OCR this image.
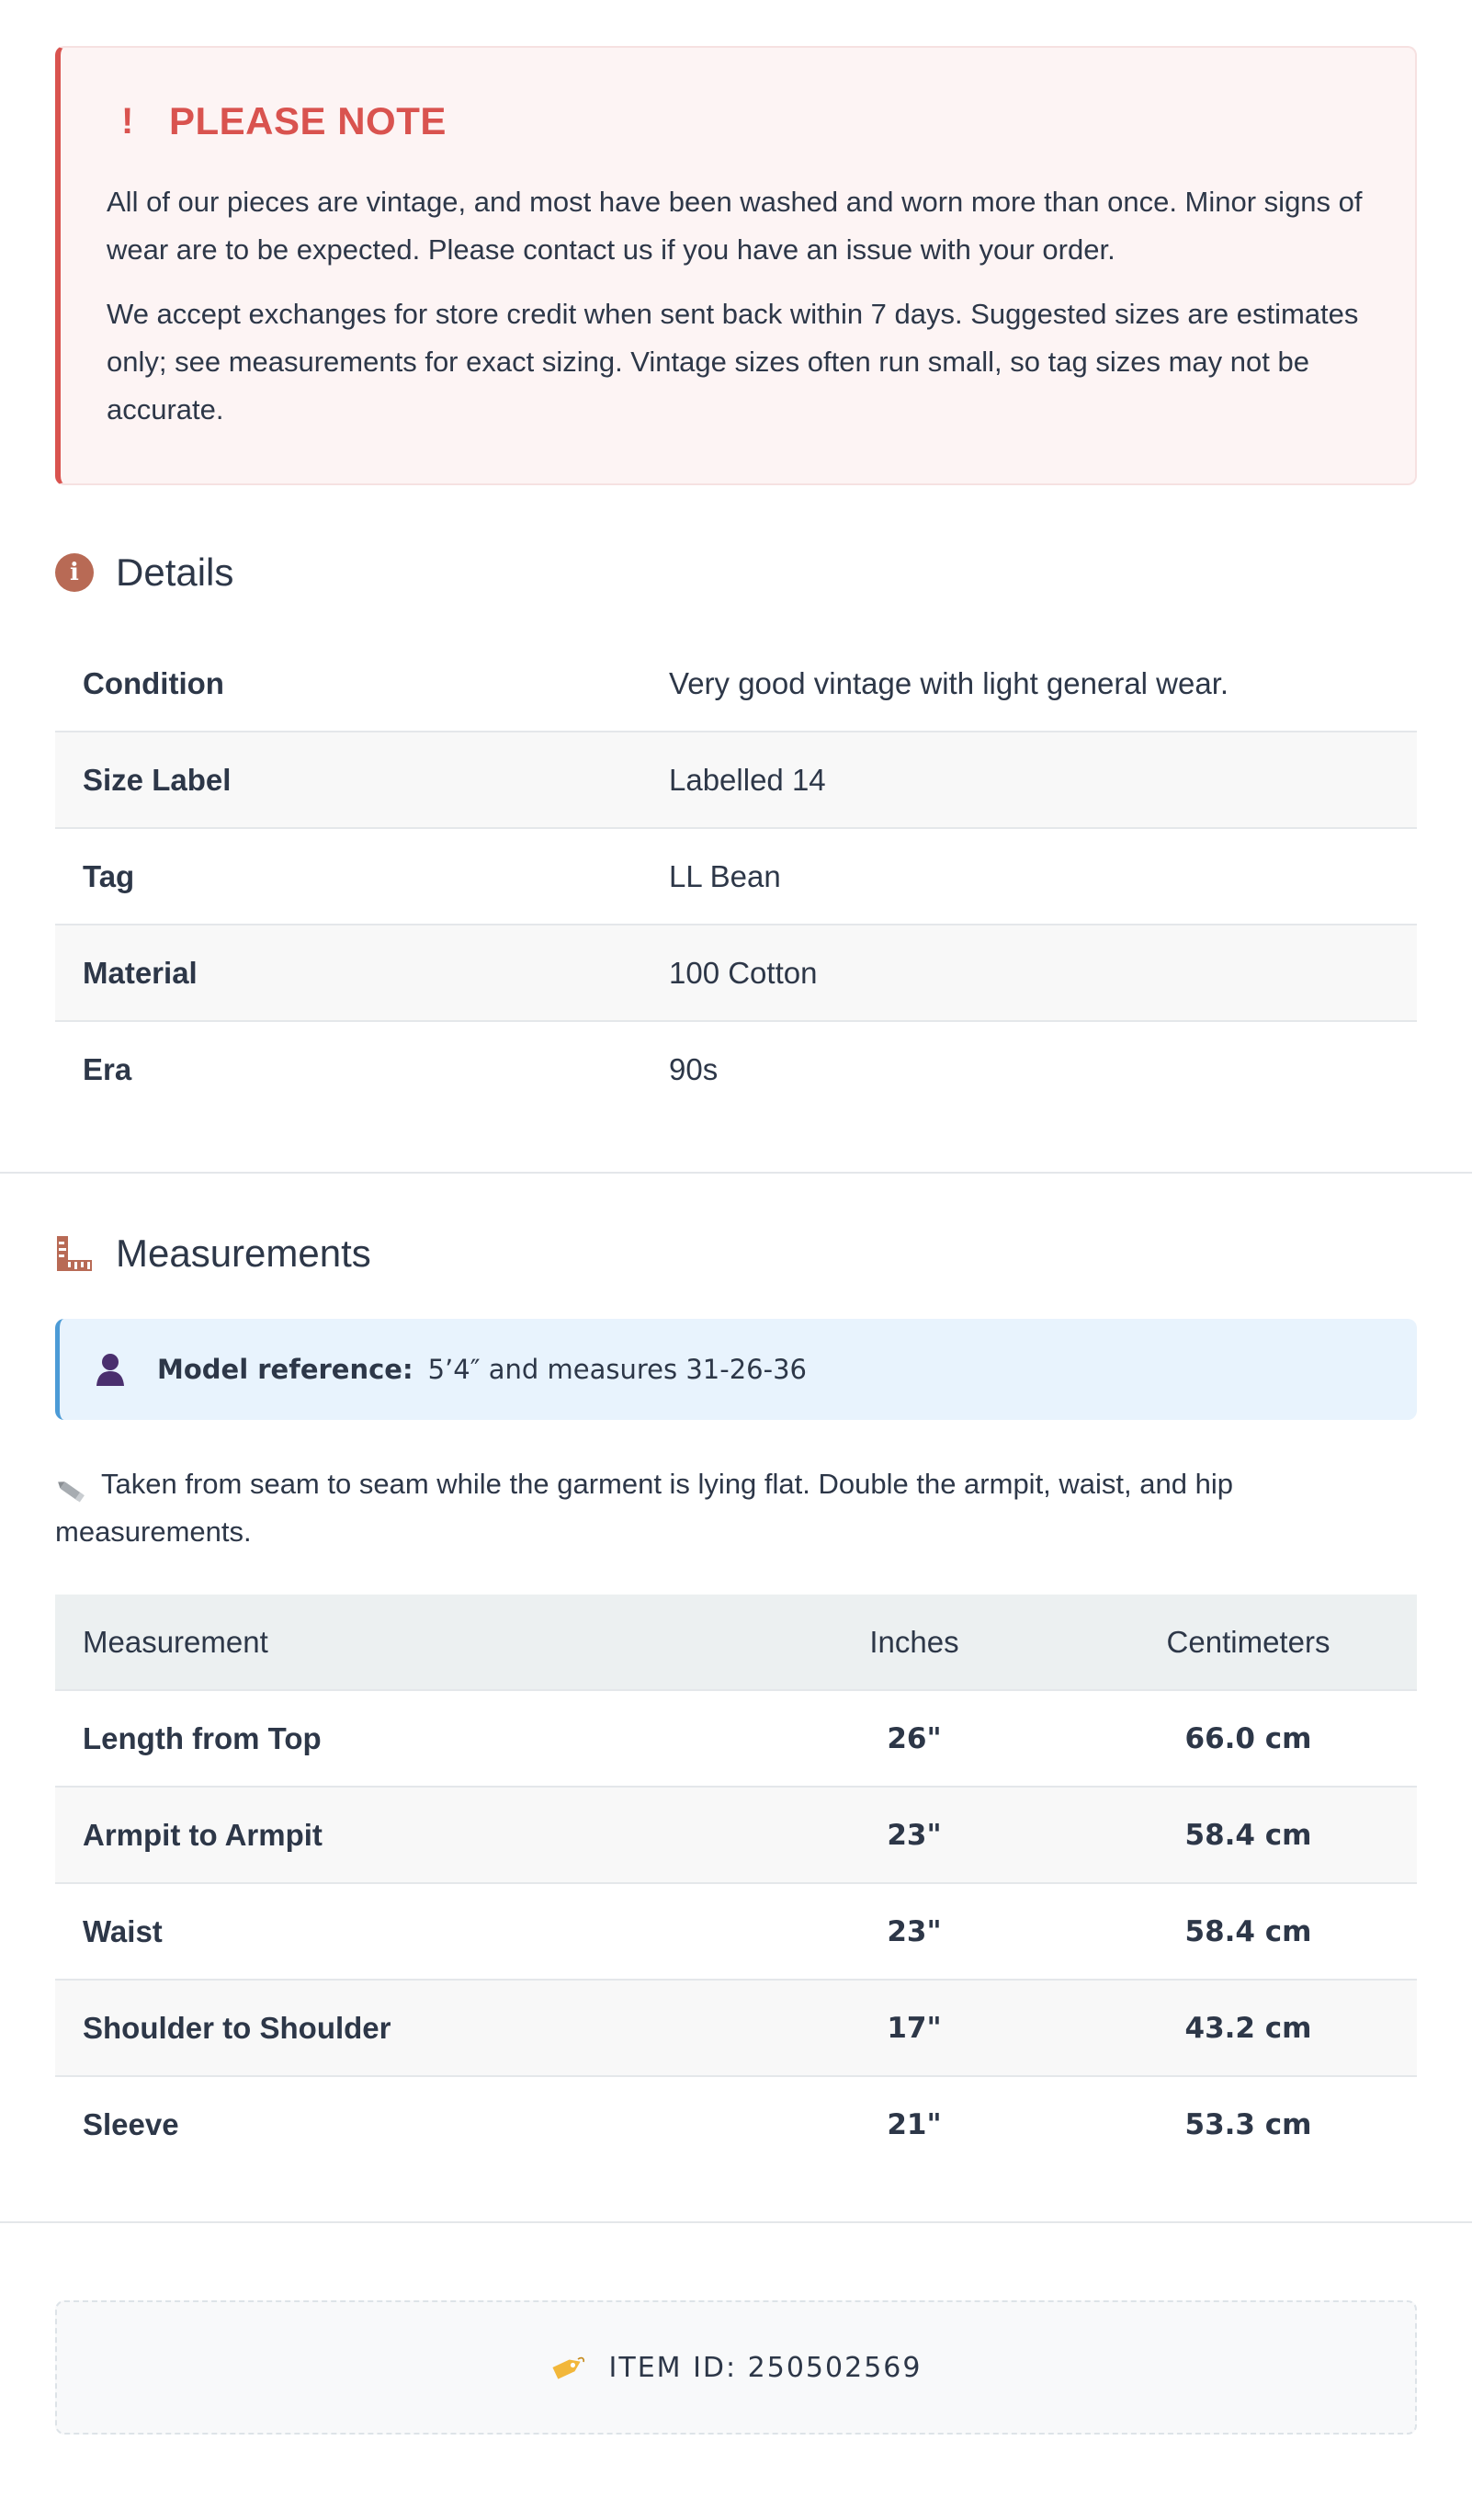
! PLEASE NOTE

All of our pieces are vintage, and most have been washed and worn more than once. Minor signs of wear are to be expected. Please contact us if you have an issue with your order.

We accept exchanges for store credit when sent back within 7 days. Suggested sizes are estimates only; see measurements for exact sizing. Vintage sizes often run small, so tag sizes may not be accurate.

i Details
Condition	Very good vintage with light general wear.
Size Label	Labelled 14
Tag	LL Bean
Material	100 Cotton
Era	90s
Measurements
Model reference: 5’4″ and measures 31-26-36
Taken from seam to seam while the garment is lying flat. Double the armpit, waist, and hip measurements.
Measurement	Inches	Centimeters
Length from Top	26"	66.0 cm
Armpit to Armpit	23"	58.4 cm
Waist	23"	58.4 cm
Shoulder to Shoulder	17"	43.2 cm
Sleeve	21"	53.3 cm
ITEM ID: 250502569
